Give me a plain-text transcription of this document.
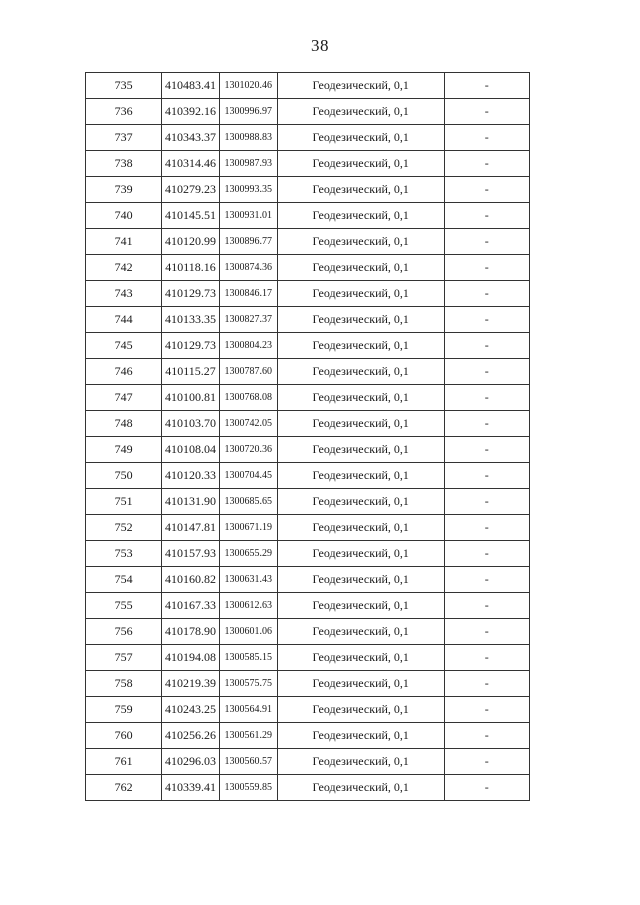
38
735	410483.41	1301020.46	Геодезический, 0,1	-
736	410392.16	1300996.97	Геодезический, 0,1	-
737	410343.37	1300988.83	Геодезический, 0,1	-
738	410314.46	1300987.93	Геодезический, 0,1	-
739	410279.23	1300993.35	Геодезический, 0,1	-
740	410145.51	1300931.01	Геодезический, 0,1	-
741	410120.99	1300896.77	Геодезический, 0,1	-
742	410118.16	1300874.36	Геодезический, 0,1	-
743	410129.73	1300846.17	Геодезический, 0,1	-
744	410133.35	1300827.37	Геодезический, 0,1	-
745	410129.73	1300804.23	Геодезический, 0,1	-
746	410115.27	1300787.60	Геодезический, 0,1	-
747	410100.81	1300768.08	Геодезический, 0,1	-
748	410103.70	1300742.05	Геодезический, 0,1	-
749	410108.04	1300720.36	Геодезический, 0,1	-
750	410120.33	1300704.45	Геодезический, 0,1	-
751	410131.90	1300685.65	Геодезический, 0,1	-
752	410147.81	1300671.19	Геодезический, 0,1	-
753	410157.93	1300655.29	Геодезический, 0,1	-
754	410160.82	1300631.43	Геодезический, 0,1	-
755	410167.33	1300612.63	Геодезический, 0,1	-
756	410178.90	1300601.06	Геодезический, 0,1	-
757	410194.08	1300585.15	Геодезический, 0,1	-
758	410219.39	1300575.75	Геодезический, 0,1	-
759	410243.25	1300564.91	Геодезический, 0,1	-
760	410256.26	1300561.29	Геодезический, 0,1	-
761	410296.03	1300560.57	Геодезический, 0,1	-
762	410339.41	1300559.85	Геодезический, 0,1	-
